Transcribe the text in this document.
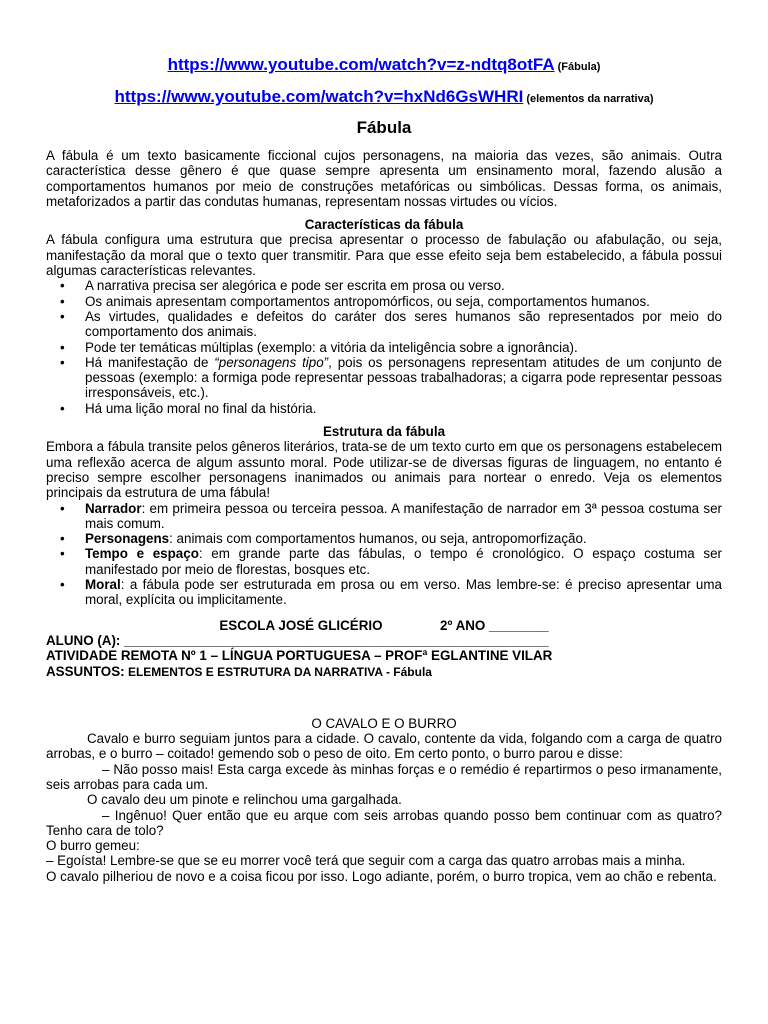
https://www.youtube.com/watch?v=z-ndtq8otFA (Fábula)
https://www.youtube.com/watch?v=hxNd6GsWHRI (elementos da narrativa)
Fábula

A fábula é um texto basicamente ficcional cujos personagens, na maioria das vezes, são animais. Outra característica desse gênero é que quase sempre apresenta um ensinamento moral, fazendo alusão a comportamentos humanos por meio de construções metafóricas ou simbólicas. Dessas forma, os animais, metaforizados a partir das condutas humanas, representam nossas virtudes ou vícios.

Características da fábula

A fábula configura uma estrutura que precisa apresentar o processo de fabulação ou afabulação, ou seja, manifestação da moral que o texto quer transmitir. Para que esse efeito seja bem estabelecido, a fábula possui algumas características relevantes.

• A narrativa precisa ser alegórica e pode ser escrita em prosa ou verso.
• Os animais apresentam comportamentos antropomórficos, ou seja, comportamentos humanos.
• As virtudes, qualidades e defeitos do caráter dos seres humanos são representados por meio do comportamento dos animais.
• Pode ter temáticas múltiplas (exemplo: a vitória da inteligência sobre a ignorância).
• Há manifestação de “personagens tipo”, pois os personagens representam atitudes de um conjunto de pessoas (exemplo: a formiga pode representar pessoas trabalhadoras; a cigarra pode representar pessoas irresponsáveis, etc.).
• Há uma lição moral no final da história.
Estrutura da fábula

Embora a fábula transite pelos gêneros literários, trata-se de um texto curto em que os personagens estabelecem uma reflexão acerca de algum assunto moral. Pode utilizar-se de diversas figuras de linguagem, no entanto é preciso sempre escolher personagens inanimados ou animais para nortear o enredo. Veja os elementos principais da estrutura de uma fábula!

• Narrador: em primeira pessoa ou terceira pessoa. A manifestação de narrador em 3ª pessoa costuma ser mais comum.
• Personagens: animais com comportamentos humanos, ou seja, antropomorfização.
• Tempo e espaço: em grande parte das fábulas, o tempo é cronológico. O espaço costuma ser manifestado por meio de florestas, bosques etc.
• Moral: a fábula pode ser estruturada em prosa ou em verso. Mas lembre-se: é preciso apresentar uma moral, explícita ou implicitamente.
ESCOLA JOSÉ GLICÉRIO	2º ANO ________
ALUNO (A): _________________________________________________________
ATIVIDADE REMOTA Nº 1 – LÍNGUA PORTUGUESA – PROFª EGLANTINE VILAR
ASSUNTOS: ELEMENTOS E ESTRUTURA DA NARRATIVA - Fábula
O CAVALO E O BURRO

Cavalo e burro seguiam juntos para a cidade. O cavalo, contente da vida, folgando com a carga de quatro arrobas, e o burro – coitado! gemendo sob o peso de oito. Em certo ponto, o burro parou e disse:

– Não posso mais! Esta carga excede às minhas forças e o remédio é repartirmos o peso irmanamente, seis arrobas para cada um.

O cavalo deu um pinote e relinchou uma gargalhada.

– Ingênuo! Quer então que eu arque com seis arrobas quando posso bem continuar com as quatro? Tenho cara de tolo?

O burro gemeu:

– Egoísta! Lembre-se que se eu morrer você terá que seguir com a carga das quatro arrobas mais a minha.

O cavalo pilheriou de novo e a coisa ficou por isso. Logo adiante, porém, o burro tropica, vem ao chão e rebenta.
